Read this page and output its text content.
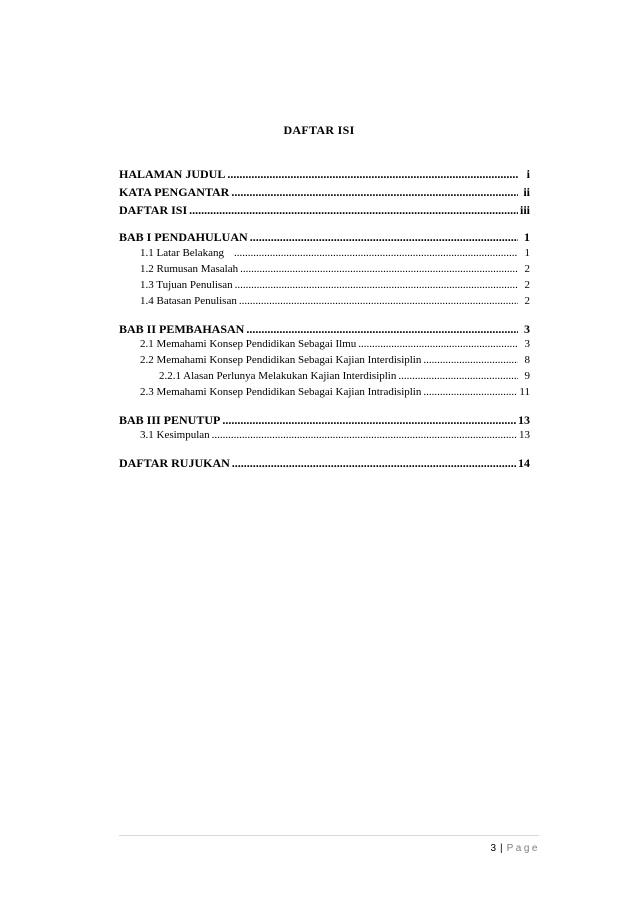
DAFTAR ISI
HALAMAN JUDUL .....	i
KATA PENGANTAR .....	ii
DAFTAR ISI .....	iii
BAB I PENDAHULUAN .....	1
1.1 Latar Belakang .....	1
1.2 Rumusan Masalah .....	2
1.3 Tujuan Penulisan .....	2
1.4 Batasan Penulisan .....	2
BAB II PEMBAHASAN .....	3
2.1 Memahami Konsep Pendidikan Sebagai Ilmu .....	3
2.2 Memahami Konsep Pendidikan Sebagai Kajian Interdisiplin .....	8
2.2.1 Alasan Perlunya Melakukan Kajian Interdisiplin .....	9
2.3 Memahami Konsep Pendidikan Sebagai Kajian Intradisiplin .....	11
BAB III PENUTUP .....	13
3.1 Kesimpulan .....	13
DAFTAR RUJUKAN .....	14
3 | Page
